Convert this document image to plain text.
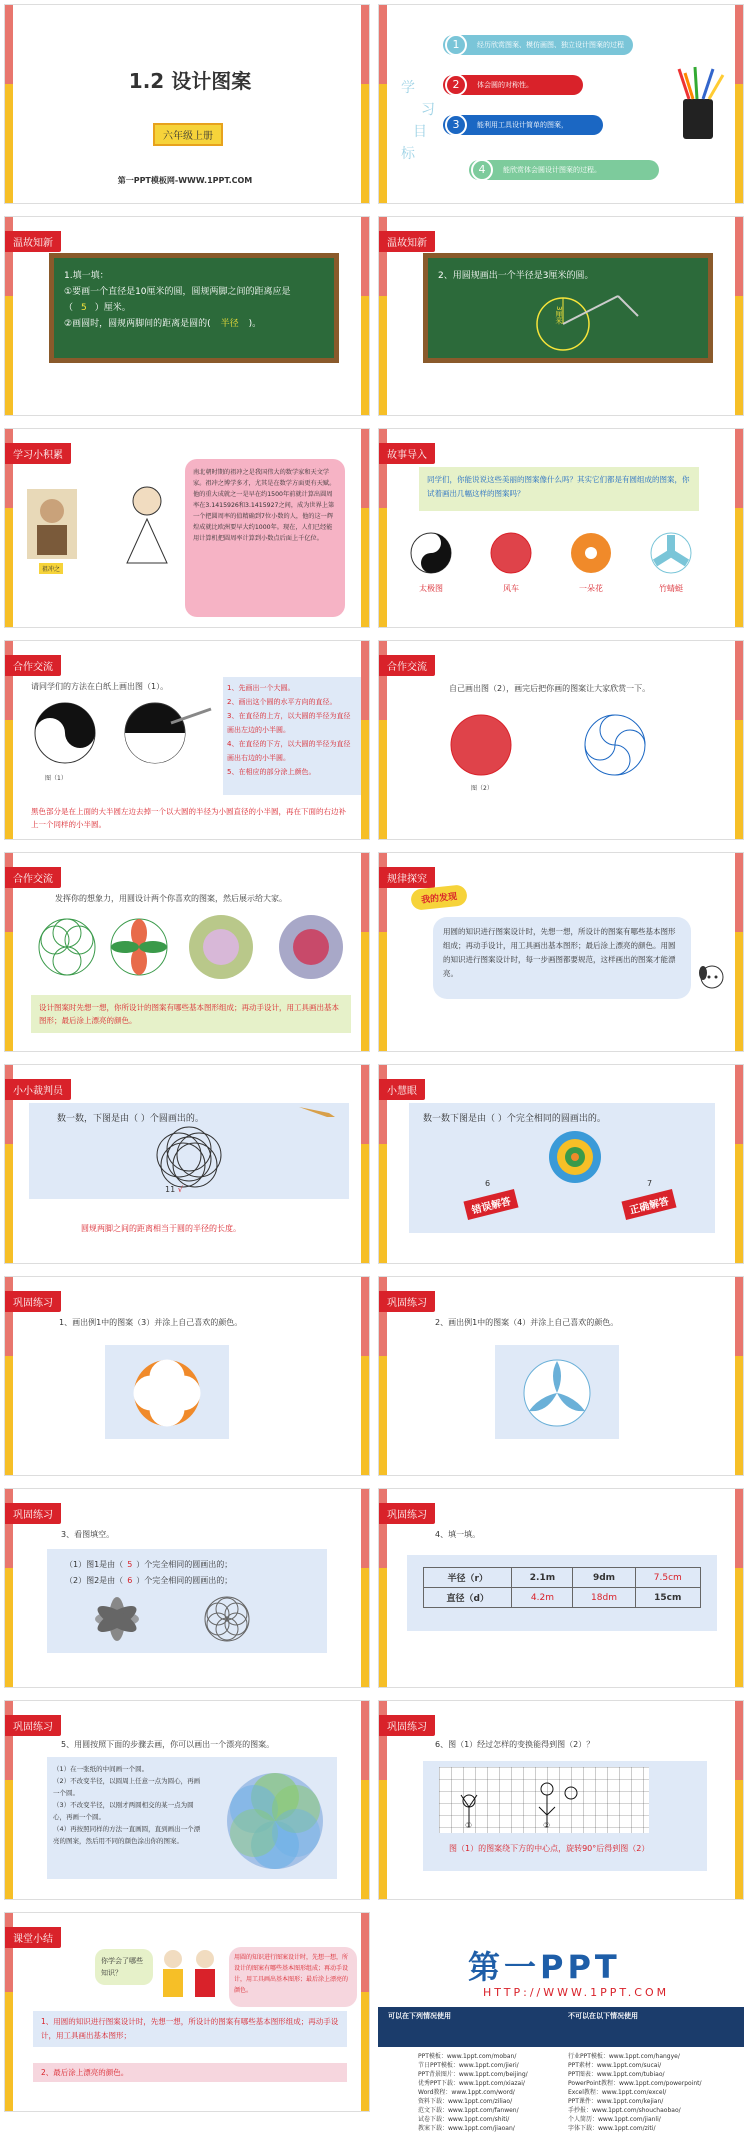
1.2 设计图案
六年级上册
第一PPT模板网-WWW.1PPT.COM
学
习
目
标
经历欣赏图案、模仿画图、独立设计图案的过程
1
体会圆的对称性。
2
能利用工具设计简单的图案，
3
能欣赏体会圆设计图案的过程。
4
温故知新
1.填一填：
①要画一个直径是10厘米的圆，圆规两脚之间的距离应是
（ 5 ）厘米。
②画圆时，圆规两脚间的距离是圆的( 半径 )。
温故知新
2、用圆规画出一个半径是3厘米的圆。
3厘米
学习小积累
祖冲之
南北朝时期的祖冲之是我国伟大的数学家和天文学家。祖冲之博学多才，尤其是在数学方面更有天赋。他的重大成就之一是早在约1500年前就计算出圆周率在3.1415926和3.1415927之间，成为世界上第一个把圆周率的值精确到7位小数的人，他的这一辉煌成就比欧洲要早大约1000年。现在，人们已经能用计算机把圆周率计算到小数点后面上千亿位。
故事导入
同学们，你能说说这些美丽的图案像什么吗？其实它们都是有圆组成的图案，你试着画出几幅这样的图案吗？
太极图	风车	一朵花	竹蜻蜓
合作交流
请同学们的方法在白纸上画出图（1）。
图（1）
1、先画出一个大圆。
2、画出这个圆的水平方向的直径。
3、在直径的上方，以大圆的半径为直径画出左边的小半圆。
4、在直径的下方，以大圆的半径为直径画出右边的小半圆。
5、在相应的部分涂上颜色。
黑色部分是在上面的大半圆左边去掉一个以大圆的半径为小圆直径的小半圆，再在下面的右边补上一个同样的小半圆。
合作交流
自己画出图（2），画完后把你画的图案让大家欣赏一下。
图（2）
合作交流
发挥你的想象力，用圆设计两个你喜欢的图案，然后展示给大家。
设计图案时先想一想，你所设计的图案有哪些基本图形组成；再动手设计，用工具画出基本图形；最后涂上漂亮的颜色。
规律探究
我的发现
用圆的知识进行图案设计时，先想一想，所设计的图案有哪些基本图形组成；再动手设计，用工具画出基本图形；最后涂上漂亮的颜色。用圆的知识进行图案设计时，每一步画图都要规范，这样画出的图案才能漂亮。
小小裁判员
数一数，下图是由（ ）个圆画出的。
11 √
圆规两脚之间的距离相当于圆的半径的长度。
小慧眼
数一数下图是由（ ）个完全相同的圆画出的。
6
错误解答
7
正确解答
巩固练习
1、画出例1中的图案（3）并涂上自己喜欢的颜色。
巩固练习
2、画出例1中的图案（4）并涂上自己喜欢的颜色。
巩固练习
3、看图填空。
（1）图1是由（ 5 ）个完全相同的圆画出的；
（2）图2是由（ 6 ）个完全相同的圆画出的；
巩固练习
4、填一填。
半径（r）	2.1m	9dm	7.5cm
直径（d）	4.2m	18dm	15cm
巩固练习
5、用圆按照下面的步骤去画，你可以画出一个漂亮的图案。
（1）在一张纸的中间画一个圆。
（2）不改变半径，以圆周上任意一点为圆心，再画一个圆。
（3）不改变半径，以刚才两圆相交的某一点为圆心，再画一个圆。
（4）再按照同样的方法一直画圆，直到画出一个漂亮的图案，然后用不同的颜色涂出你的图案。
巩固练习
6、图（1）经过怎样的变换能得到图（2）？
①	②
图（1）的图案绕下方的中心点，旋转90°后得到图（2）
课堂小结
你学会了哪些知识？
用圆的知识进行图案设计时，先想一想，所设计的图案有哪些基本图形组成；再动手设计，用工具画出基本图形；最后涂上漂亮的颜色。
1、用圆的知识进行图案设计时，先想一想，所设计的图案有哪些基本图形组成；再动手设计，用工具画出基本图形；
2、最后涂上漂亮的颜色。
第一PPT
HTTP://WWW.1PPT.COM
可以在下列情况使用	不可以在以下情况使用
PPT模板：www.1ppt.com/moban/
节日PPT模板：www.1ppt.com/jieri/
PPT背景图片：www.1ppt.com/beijing/
优秀PPT下载：www.1ppt.com/xiazai/
Word教程：www.1ppt.com/word/
资料下载：www.1ppt.com/ziliao/
范文下载：www.1ppt.com/fanwen/
试卷下载：www.1ppt.com/shiti/
教案下载：www.1ppt.com/jiaoan/
行业PPT模板：www.1ppt.com/hangye/
PPT素材：www.1ppt.com/sucai/
PPT图表：www.1ppt.com/tubiao/
PowerPoint教程：www.1ppt.com/powerpoint/
Excel教程：www.1ppt.com/excel/
PPT课件：www.1ppt.com/kejian/
手抄报：www.1ppt.com/shouchaobao/
个人简历：www.1ppt.com/jianli/
字体下载：www.1ppt.com/ziti/
